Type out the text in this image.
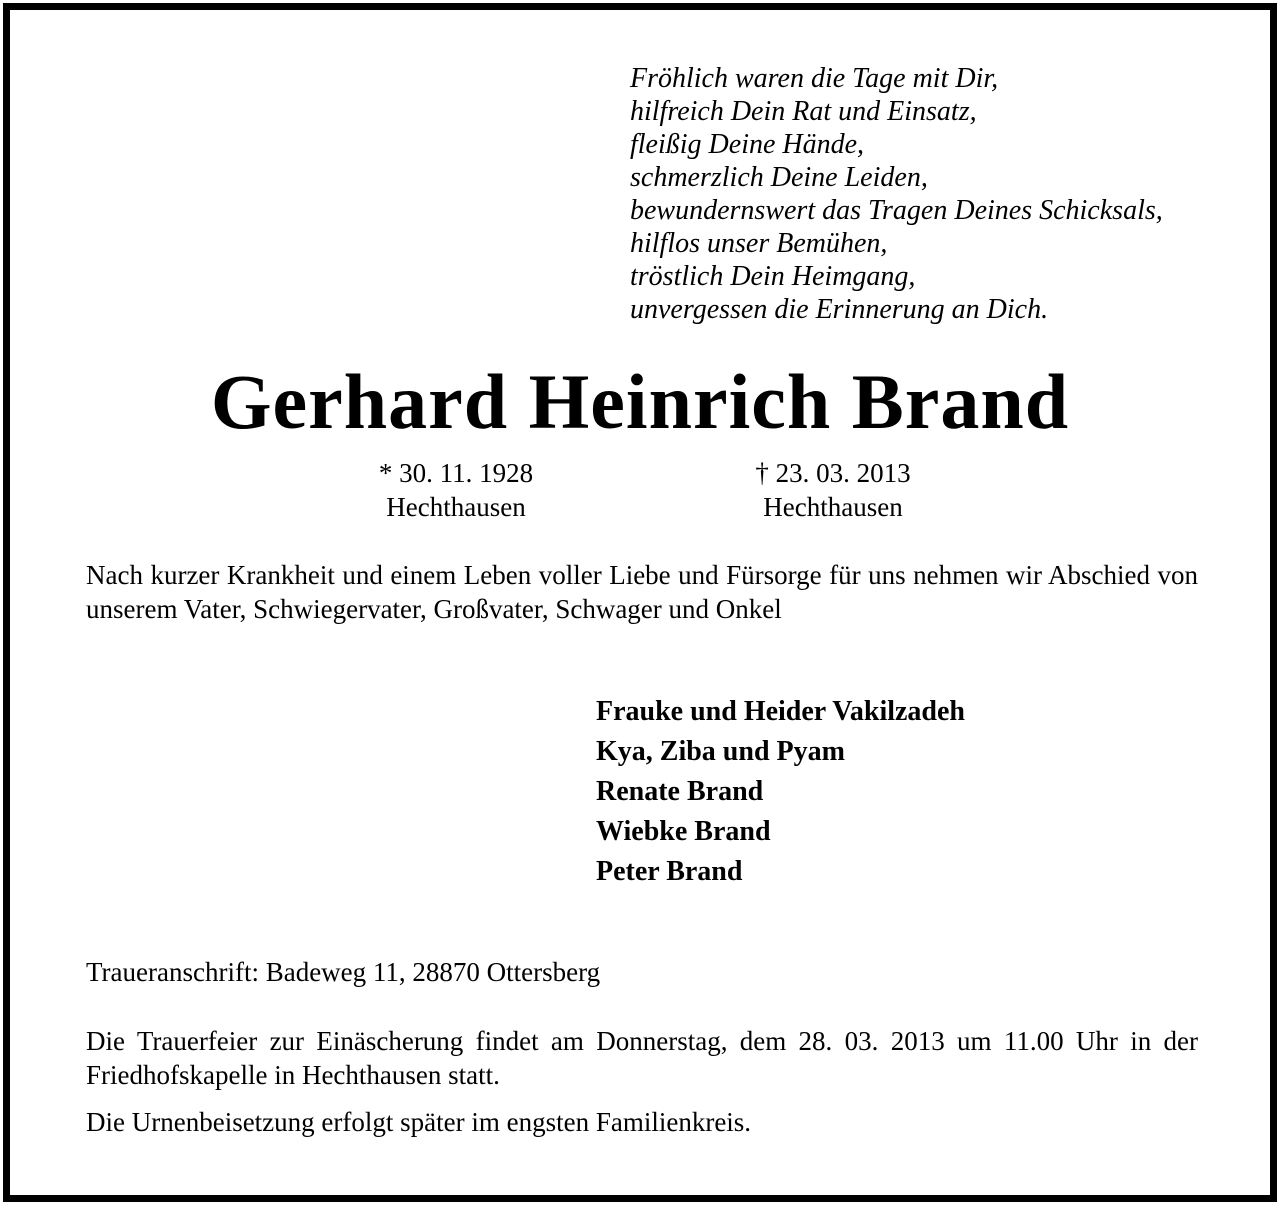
Fröhlich waren die Tage mit Dir,
hilfreich Dein Rat und Einsatz,
fleißig Deine Hände,
schmerzlich Deine Leiden,
bewundernswert das Tragen Deines Schicksals,
hilflos unser Bemühen,
tröstlich Dein Heimgang,
unvergessen die Erinnerung an Dich.
Gerhard Heinrich Brand
* 30. 11. 1928
Hechthausen
† 23. 03. 2013
Hechthausen
Nach kurzer Krankheit und einem Leben voller Liebe und Fürsorge für uns nehmen wir Abschied von unserem Vater, Schwiegervater, Großvater, Schwager und Onkel
Frauke und Heider Vakilzadeh
Kya, Ziba und Pyam
Renate Brand
Wiebke Brand
Peter Brand
Traueranschrift: Badeweg 11, 28870 Ottersberg
Die Trauerfeier zur Einäscherung findet am Donnerstag, dem 28. 03. 2013 um 11.00 Uhr in der Friedhofskapelle in Hechthausen statt.
Die Urnenbeisetzung erfolgt später im engsten Familienkreis.
